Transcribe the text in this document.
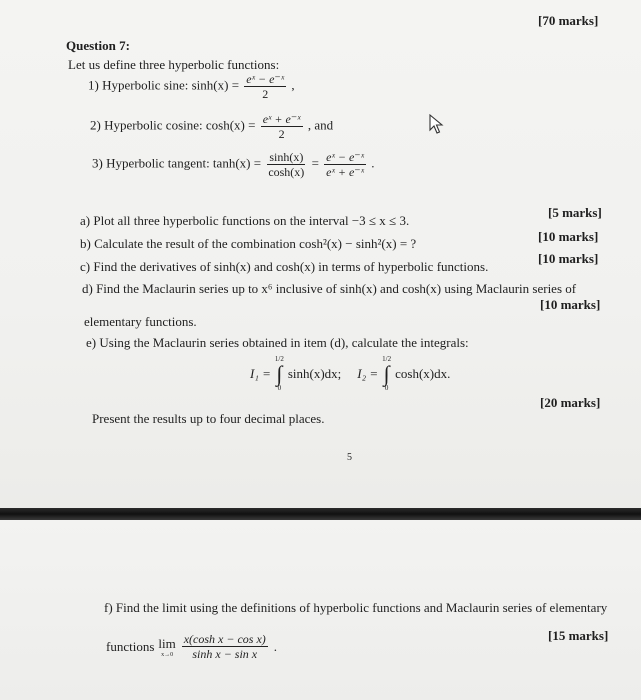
[70 marks]
Question 7:
Let us define three hyperbolic functions:
1) Hyperbolic sine: $\sinh(x) = \frac{\text{eˣ − e⁻ˣ}}{2}$ ,
2) Hyperbolic cosine: $\cosh(x) = \frac{\text{eˣ + e⁻ˣ}}{2}$ , and
3) Hyperbolic tangent: $\tanh(x) = \frac{\sinh(x)}{\cosh(x)} = \frac{\text{eˣ − e⁻ˣ}}{\text{eˣ + e⁻ˣ}}$ .
a) Plot all three hyperbolic functions on the interval −3 ≤ x ≤ 3.
[5 marks]
b) Calculate the result of the combination cosh²(x) − sinh²(x) = ?	[10 marks]
c) Find the derivatives of sinh(x) and cosh(x) in terms of hyperbolic functions.
[10 marks]
d) Find the Maclaurin series up to x⁶ inclusive of sinh(x) and cosh(x) using Maclaurin series of
[10 marks]
elementary functions.
e) Using the Maclaurin series obtained in item (d), calculate the integrals:
I₁ =
1/2
∫
0
sinh(x)dx; I₂ =
1/2
∫
0
cosh(x)dx.
Present the results up to four decimal places.
[20 marks]
5
f) Find the limit using the definitions of hyperbolic functions and Maclaurin series of elementary
[15 marks]
functions lim
$x\to 0 \frac{\text{x(cosh x − cos x)}}{\text{sinh x − sin x}}$ .
